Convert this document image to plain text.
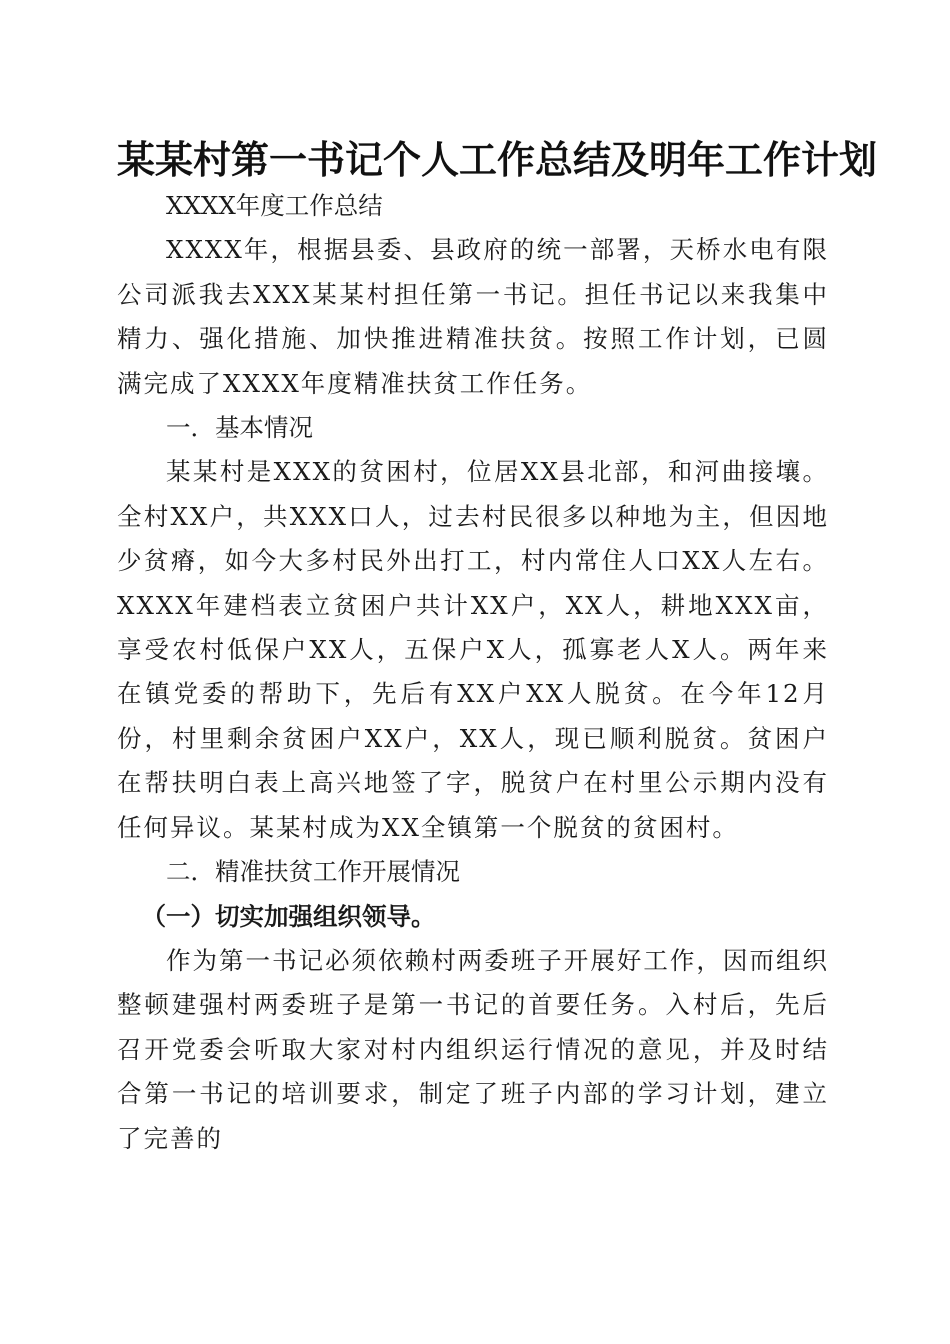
某某村第一书记个人工作总结及明年工作计划

XXXX年度工作总结

XXXX年，根据县委、县政府的统一部署，天桥水电有限公司派我去XXX某某村担任第一书记。担任书记以来我集中精力、强化措施、加快推进精准扶贫。按照工作计划，已圆满完成了XXXX年度精准扶贫工作任务。

一．基本情况

某某村是XXX的贫困村，位居XX县北部，和河曲接壤。全村XX户，共XXX口人，过去村民很多以种地为主，但因地少贫瘠，如今大多村民外出打工，村内常住人口XX人左右。XXXX年建档表立贫困户共计XX户，XX人，耕地XXX亩，享受农村低保户XX人，五保户X人，孤寡老人X人。两年来在镇党委的帮助下，先后有XX户XX人脱贫。在今年12月份，村里剩余贫困户XX户，XX人，现已顺利脱贫。贫困户在帮扶明白表上高兴地签了字，脱贫户在村里公示期内没有任何异议。某某村成为XX全镇第一个脱贫的贫困村。

二．精准扶贫工作开展情况

（一）切实加强组织领导。

作为第一书记必须依赖村两委班子开展好工作，因而组织整顿建强村两委班子是第一书记的首要任务。入村后，先后召开党委会听取大家对村内组织运行情况的意见，并及时结合第一书记的培训要求，制定了班子内部的学习计划，建立了完善的
